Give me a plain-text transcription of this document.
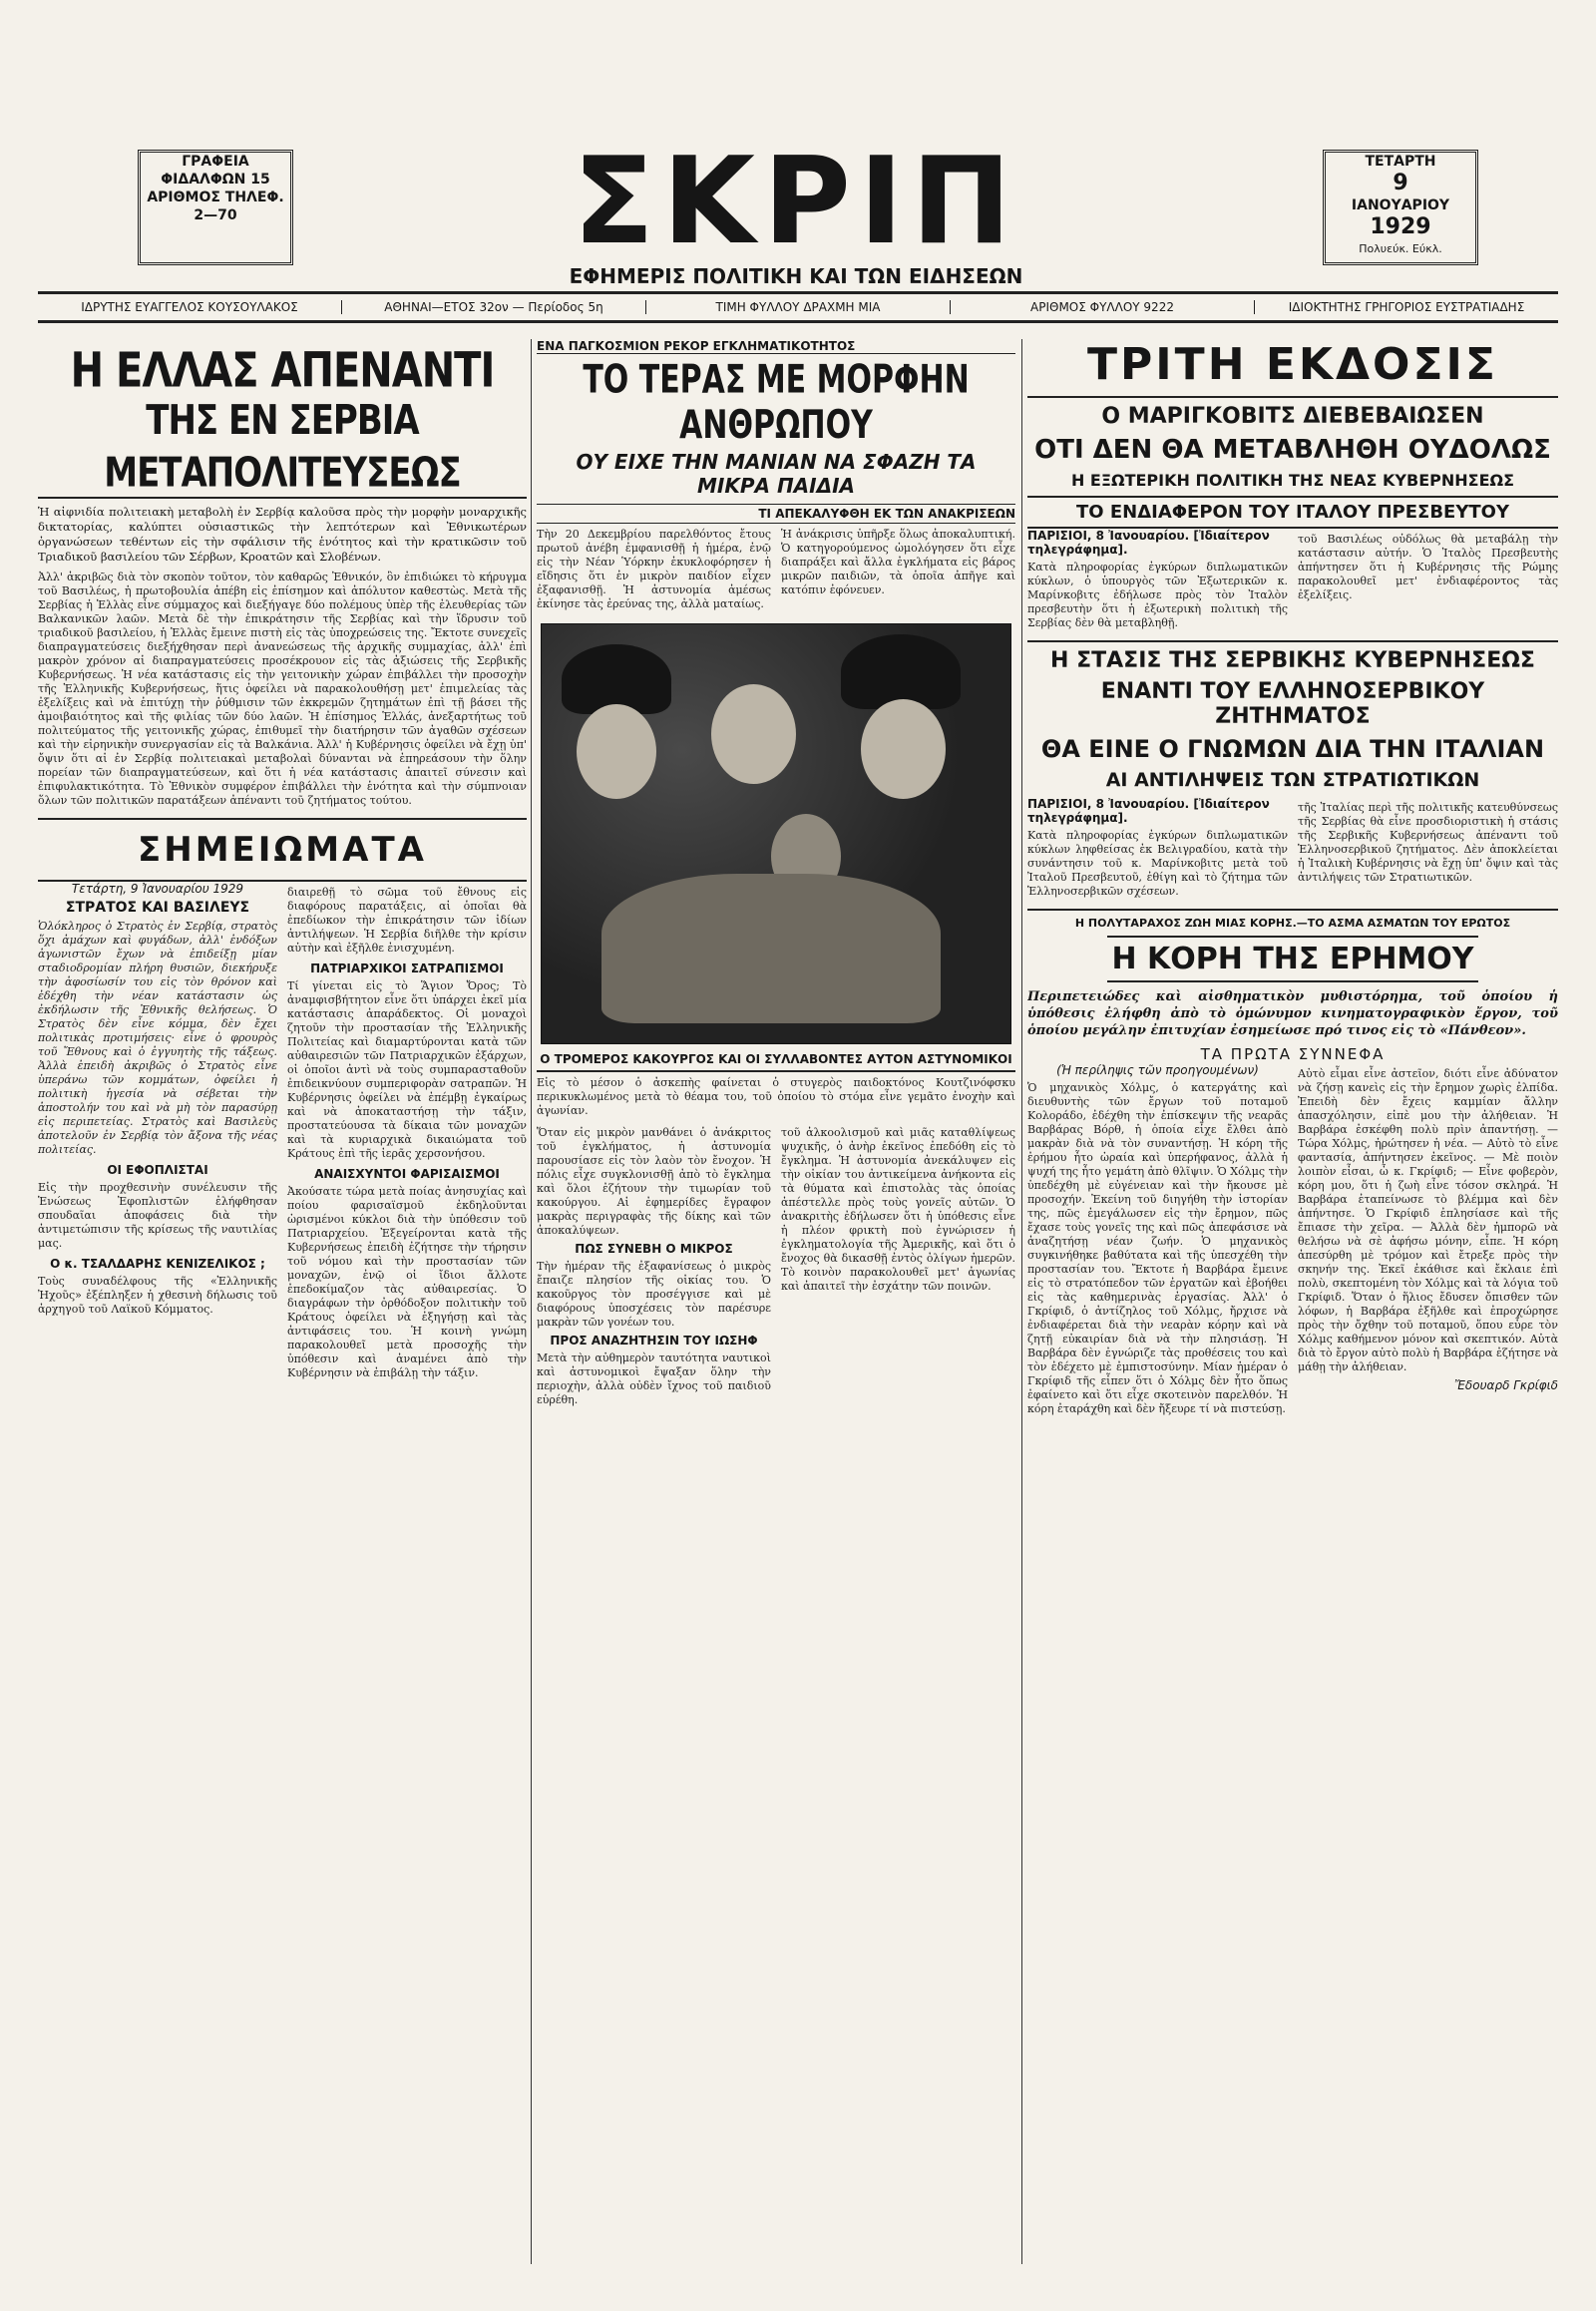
ΓΡΑΦΕΙΑ
ΦΙΔΑΛΦΩΝ 15
ΑΡΙΘΜΟΣ ΤΗΛΕΦ.
2—70	ΣΚΡΙΠ
ΕΦΗΜΕΡΙΣ ΠΟΛΙΤΙΚΗ ΚΑΙ ΤΩΝ ΕΙΔΗΣΕΩΝ
ΤΕΤΑΡΤΗ
9
ΙΑΝΟΥΑΡΙΟΥ
1929
Πολυεύκ. Εύκλ.
ΙΔΡΥΤΗΣ ΕΥΑΓΓΕΛΟΣ ΚΟΥΣΟΥΛΑΚΟΣ	ΑΘΗΝΑΙ—ΕΤΟΣ 32ον — Περίοδος 5η	ΤΙΜΗ ΦΥΛΛΟΥ ΔΡΑΧΜΗ ΜΙΑ	ΑΡΙΘΜΟΣ ΦΥΛΛΟΥ 9222	ΙΔΙΟΚΤΗΤΗΣ ΓΡΗΓΟΡΙΟΣ ΕΥΣΤΡΑΤΙΑΔΗΣ
Η ΕΛΛΑΣ ΑΠΕΝΑΝΤΙ
ΤΗΣ ΕΝ ΣΕΡΒΙΑ ΜΕΤΑΠΟΛΙΤΕΥΣΕΩΣ

Ἡ αἰφνιδία πολιτειακὴ μεταβολὴ ἐν Σερβίᾳ καλοῦσα πρὸς τὴν μορφὴν μοναρχικῆς δικτατορίας, καλύπτει οὐσιαστικῶς τὴν λεπτότερων καὶ Ἐθνικωτέρων ὀργανώσεων τεθέντων εἰς τὴν σφάλισιν τῆς ἑνότητος καὶ τὴν κρατικῶσιν τοῦ Τριαδικοῦ βασιλείου τῶν Σέρβων, Κροατῶν καὶ Σλοβένων.

Ἀλλ' ἀκριβῶς διὰ τὸν σκοπὸν τοῦτον, τὸν καθαρῶς Ἐθνικόν, ὃν ἐπιδιώκει τὸ κήρυγμα τοῦ Βασιλέως, ἡ πρωτοβουλία ἀπέβη εἰς ἐπίσημον καὶ ἀπόλυτον καθεστὼς. Μετὰ τῆς Σερβίας ἡ Ἑλλὰς εἶνε σύμμαχος καὶ διεξήγαγε δύο πολέμους ὑπὲρ τῆς ἐλευθερίας τῶν Βαλκανικῶν λαῶν. Μετὰ δὲ τὴν ἐπικράτησιν τῆς Σερβίας καὶ τὴν ἵδρυσιν τοῦ τριαδικοῦ βασιλείου, ἡ Ἑλλὰς ἔμεινε πιστὴ εἰς τὰς ὑποχρεώσεις της. Ἔκτοτε συνεχεῖς διαπραγματεύσεις διεξήχθησαν περὶ ἀνανεώσεως τῆς ἀρχικῆς συμμαχίας, ἀλλ' ἐπὶ μακρὸν χρόνον αἱ διαπραγματεύσεις προσέκρουον εἰς τὰς ἀξιώσεις τῆς Σερβικῆς Κυβερνήσεως. Ἡ νέα κατάστασις εἰς τὴν γειτονικὴν χώραν ἐπιβάλλει τὴν προσοχὴν τῆς Ἑλληνικῆς Κυβερνήσεως, ἥτις ὀφείλει νὰ παρακολουθήσῃ μετ' ἐπιμελείας τὰς ἐξελίξεις καὶ νὰ ἐπιτύχῃ τὴν ῥύθμισιν τῶν ἐκκρεμῶν ζητημάτων ἐπὶ τῇ βάσει τῆς ἀμοιβαιότητος καὶ τῆς φιλίας τῶν δύο λαῶν. Ἡ ἐπίσημος Ἑλλάς, ἀνεξαρτήτως τοῦ πολιτεύματος τῆς γειτονικῆς χώρας, ἐπιθυμεῖ τὴν διατήρησιν τῶν ἀγαθῶν σχέσεων καὶ τὴν εἰρηνικὴν συνεργασίαν εἰς τὰ Βαλκάνια. Ἀλλ' ἡ Κυβέρνησις ὀφείλει νὰ ἔχῃ ὑπ' ὄψιν ὅτι αἱ ἐν Σερβίᾳ πολιτειακαὶ μεταβολαὶ δύνανται νὰ ἐπηρεάσουν τὴν ὅλην πορείαν τῶν διαπραγματεύσεων, καὶ ὅτι ἡ νέα κατάστασις ἀπαιτεῖ σύνεσιν καὶ ἐπιφυλακτικότητα. Τὸ Ἐθνικὸν συμφέρον ἐπιβάλλει τὴν ἑνότητα καὶ τὴν σύμπνοιαν ὅλων τῶν πολιτικῶν παρατάξεων ἀπέναντι τοῦ ζητήματος τούτου.

ΣΗΜΕΙΩΜΑΤΑ
Τετάρτη, 9 Ἰανουαρίου 1929
ΣΤΡΑΤΟΣ ΚΑΙ ΒΑΣΙΛΕΥΣ

Ὁλόκληρος ὁ Στρατὸς ἐν Σερβίᾳ, στρατὸς ὅχι ἀμάχων καὶ φυγάδων, ἀλλ' ἐνδόξων ἀγωνιστῶν ἔχων νὰ ἐπιδείξῃ μίαν σταδιοδρομίαν πλήρη θυσιῶν, διεκήρυξε τὴν ἀφοσίωσίν του εἰς τὸν θρόνον καὶ ἐδέχθη τὴν νέαν κατάστασιν ὡς ἐκδήλωσιν τῆς Ἐθνικῆς θελήσεως. Ὁ Στρατὸς δὲν εἶνε κόμμα, δὲν ἔχει πολιτικὰς προτιμήσεις· εἶνε ὁ φρουρὸς τοῦ Ἔθνους καὶ ὁ ἐγγυητὴς τῆς τάξεως. Ἀλλὰ ἐπειδὴ ἀκριβῶς ὁ Στρατὸς εἶνε ὑπεράνω τῶν κομμάτων, ὀφείλει ἡ πολιτικὴ ἡγεσία νὰ σέβεται τὴν ἀποστολήν του καὶ νὰ μὴ τὸν παρασύρῃ εἰς περιπετείας. Στρατὸς καὶ Βασιλεὺς ἀποτελοῦν ἐν Σερβίᾳ τὸν ἄξονα τῆς νέας πολιτείας.

ΟΙ ΕΦΟΠΛΙΣΤΑΙ

Εἰς τὴν προχθεσινὴν συνέλευσιν τῆς Ἑνώσεως Ἐφοπλιστῶν ἐλήφθησαν σπουδαῖαι ἀποφάσεις διὰ τὴν ἀντιμετώπισιν τῆς κρίσεως τῆς ναυτιλίας μας.

Ο κ. ΤΣΑΛΔΑΡΗΣ ΚΕΝΙΖΕΛΙΚΟΣ ;

Τοὺς συναδέλφους τῆς «Ἑλληνικῆς Ἠχοῦς» ἐξέπληξεν ἡ χθεσινὴ δήλωσις τοῦ ἀρχηγοῦ τοῦ Λαϊκοῦ Κόμματος.

διαιρεθῇ τὸ σῶμα τοῦ ἔθνους εἰς διαφόρους παρατάξεις, αἱ ὁποῖαι θὰ ἐπεδίωκον τὴν ἐπικράτησιν τῶν ἰδίων ἀντιλήψεων. Ἡ Σερβία διῆλθε τὴν κρίσιν αὐτὴν καὶ ἐξῆλθε ἐνισχυμένη.

ΠΑΤΡΙΑΡΧΙΚΟΙ ΣΑΤΡΑΠΙΣΜΟΙ

Τί γίνεται εἰς τὸ Ἅγιον Ὄρος; Τὸ ἀναμφισβήτητον εἶνε ὅτι ὑπάρχει ἐκεῖ μία κατάστασις ἀπαράδεκτος. Οἱ μοναχοὶ ζητοῦν τὴν προστασίαν τῆς Ἑλληνικῆς Πολιτείας καὶ διαμαρτύρονται κατὰ τῶν αὐθαιρεσιῶν τῶν Πατριαρχικῶν ἐξάρχων, οἱ ὁποῖοι ἀντὶ νὰ τοὺς συμπαρασταθοῦν ἐπιδεικνύουν συμπεριφορὰν σατραπῶν. Ἡ Κυβέρνησις ὀφείλει νὰ ἐπέμβῃ ἐγκαίρως καὶ νὰ ἀποκαταστήσῃ τὴν τάξιν, προστατεύουσα τὰ δίκαια τῶν μοναχῶν καὶ τὰ κυριαρχικὰ δικαιώματα τοῦ Κράτους ἐπὶ τῆς ἱερᾶς χερσονήσου.

ΑΝΑΙΣΧΥΝΤΟΙ ΦΑΡΙΣΑΙΣΜΟΙ

Ἀκούσατε τώρα μετὰ ποίας ἀνησυχίας καὶ ποίου φαρισαϊσμοῦ ἐκδηλοῦνται ὡρισμένοι κύκλοι διὰ τὴν ὑπόθεσιν τοῦ Πατριαρχείου. Ἐξεγείρονται κατὰ τῆς Κυβερνήσεως ἐπειδὴ ἐζήτησε τὴν τήρησιν τοῦ νόμου καὶ τὴν προστασίαν τῶν μοναχῶν, ἐνῷ οἱ ἴδιοι ἄλλοτε ἐπεδοκίμαζον τὰς αὐθαιρεσίας. Ὁ διαγράφων τὴν ὀρθόδοξον πολιτικὴν τοῦ Κράτους ὀφείλει νὰ ἐξηγήσῃ καὶ τὰς ἀντιφάσεις του. Ἡ κοινὴ γνώμη παρακολουθεῖ μετὰ προσοχῆς τὴν ὑπόθεσιν καὶ ἀναμένει ἀπὸ τὴν Κυβέρνησιν νὰ ἐπιβάλῃ τὴν τάξιν.

ΕΝΑ ΠΑΓΚΟΣΜΙΟΝ ΡΕΚΟΡ ΕΓΚΛΗΜΑΤΙΚΟΤΗΤΟΣ
ΤΟ ΤΕΡΑΣ ΜΕ ΜΟΡΦΗΝ ΑΝΘΡΩΠΟΥ
ΟΥ ΕΙΧΕ ΤΗΝ ΜΑΝΙΑΝ ΝΑ ΣΦΑΖΗ ΤΑ ΜΙΚΡΑ ΠΑΙΔΙΑ
ΤΙ ΑΠΕΚΑΛΥΦΘΗ ΕΚ ΤΩΝ ΑΝΑΚΡΙΣΕΩΝ

Τὴν 20 Δεκεμβρίου παρελθόντος ἔτους πρωτοῦ ἀνέβη ἐμφανισθῇ ἡ ἡμέρα, ἐνῷ εἰς τὴν Νέαν Ὑόρκην ἐκυκλοφόρησεν ἡ εἴδησις ὅτι ἐν μικρὸν παιδίον εἶχεν ἐξαφανισθῇ. Ἡ ἀστυνομία ἀμέσως ἐκίνησε τὰς ἐρεύνας της, ἀλλὰ ματαίως.

Ἡ ἀνάκρισις ὑπῆρξε ὅλως ἀποκαλυπτική. Ὁ κατηγορούμενος ὡμολόγησεν ὅτι εἶχε διαπράξει καὶ ἄλλα ἐγκλήματα εἰς βάρος μικρῶν παιδιῶν, τὰ ὁποῖα ἀπῆγε καὶ κατόπιν ἐφόνευεν.

Ο ΤΡΟΜΕΡΟΣ ΚΑΚΟΥΡΓΟΣ ΚΑΙ ΟΙ ΣΥΛΛΑΒΟΝΤΕΣ ΑΥΤΟΝ ΑΣΤΥΝΟΜΙΚΟΙ

Εἰς τὸ μέσον ὁ ἀσκεπὴς φαίνεται ὁ στυγερὸς παιδοκτόνος Κουτζινόφσκυ περικυκλωμένος μετὰ τὸ θέαμα του, τοῦ ὁποίου τὸ στόμα εἶνε γεμᾶτο ἐνοχὴν καὶ ἀγωνίαν.

Ὅταν εἰς μικρὸν μανθάνει ὁ ἀνάκριτος τοῦ ἐγκλήματος, ἡ ἀστυνομία παρουσίασε εἰς τὸν λαὸν τὸν ἔνοχον. Ἡ πόλις εἶχε συγκλονισθῇ ἀπὸ τὸ ἔγκλημα καὶ ὅλοι ἐζήτουν τὴν τιμωρίαν τοῦ κακούργου. Αἱ ἐφημερίδες ἔγραφον μακρὰς περιγραφὰς τῆς δίκης καὶ τῶν ἀποκαλύψεων.

ΠΩΣ ΣΥΝΕΒΗ Ο ΜΙΚΡΟΣ

Τὴν ἡμέραν τῆς ἐξαφανίσεως ὁ μικρὸς ἔπαιζε πλησίον τῆς οἰκίας του. Ὁ κακοῦργος τὸν προσέγγισε καὶ μὲ διαφόρους ὑποσχέσεις τὸν παρέσυρε μακρὰν τῶν γονέων του.

ΠΡΟΣ ΑΝΑΖΗΤΗΣΙΝ ΤΟΥ ΙΩΣΗΦ

Μετὰ τὴν αὐθημερὸν ταυτότητα ναυτικοὶ καὶ ἀστυνομικοὶ ἔψαξαν ὅλην τὴν περιοχὴν, ἀλλὰ οὐδὲν ἴχνος τοῦ παιδιοῦ εὑρέθη.

τοῦ ἀλκοολισμοῦ καὶ μιᾶς καταθλίψεως ψυχικῆς, ὁ ἀνὴρ ἐκεῖνος ἐπεδόθη εἰς τὸ ἔγκλημα. Ἡ ἀστυνομία ἀνεκάλυψεν εἰς τὴν οἰκίαν του ἀντικείμενα ἀνήκοντα εἰς τὰ θύματα καὶ ἐπιστολὰς τὰς ὁποίας ἀπέστελλε πρὸς τοὺς γονεῖς αὐτῶν. Ὁ ἀνακριτὴς ἐδήλωσεν ὅτι ἡ ὑπόθεσις εἶνε ἡ πλέον φρικτὴ ποὺ ἐγνώρισεν ἡ ἐγκληματολογία τῆς Ἀμερικῆς, καὶ ὅτι ὁ ἔνοχος θὰ δικασθῇ ἐντὸς ὀλίγων ἡμερῶν. Τὸ κοινὸν παρακολουθεῖ μετ' ἀγωνίας καὶ ἀπαιτεῖ τὴν ἐσχάτην τῶν ποινῶν.

ΤΡΙΤΗ ΕΚΔΟΣΙΣ
Ο ΜΑΡΙΓΚΟΒΙΤΣ ΔΙΕΒΕΒΑΙΩΣΕΝ
ΟΤΙ ΔΕΝ ΘΑ ΜΕΤΑΒΛΗΘΗ ΟΥΔΟΛΩΣ
Η ΕΞΩΤΕΡΙΚΗ ΠΟΛΙΤΙΚΗ ΤΗΣ ΝΕΑΣ ΚΥΒΕΡΝΗΣΕΩΣ
ΤΟ ΕΝΔΙΑΦΕΡΟΝ ΤΟΥ ΙΤΑΛΟΥ ΠΡΕΣΒΕΥΤΟΥ
ΠΑΡΙΣΙΟΙ, 8 Ἰανουαρίου. [Ἰδιαίτερον τηλεγράφημα].

Κατὰ πληροφορίας ἐγκύρων διπλωματικῶν κύκλων, ὁ ὑπουργὸς τῶν Ἐξωτερικῶν κ. Μαρίνκοβιτς ἐδήλωσε πρὸς τὸν Ἰταλὸν πρεσβευτὴν ὅτι ἡ ἐξωτερικὴ πολιτικὴ τῆς Σερβίας δὲν θὰ μεταβληθῇ.

τοῦ Βασιλέως οὐδόλως θὰ μεταβάλῃ τὴν κατάστασιν αὐτήν. Ὁ Ἰταλὸς Πρεσβευτὴς ἀπήντησεν ὅτι ἡ Κυβέρνησις τῆς Ρώμης παρακολουθεῖ μετ' ἐνδιαφέροντος τὰς ἐξελίξεις.

Η ΣΤΑΣΙΣ ΤΗΣ ΣΕΡΒΙΚΗΣ ΚΥΒΕΡΝΗΣΕΩΣ
ΕΝΑΝΤΙ ΤΟΥ ΕΛΛΗΝΟΣΕΡΒΙΚΟΥ ΖΗΤΗΜΑΤΟΣ
ΘΑ ΕΙΝΕ Ο ΓΝΩΜΩΝ ΔΙΑ ΤΗΝ ΙΤΑΛΙΑΝ
ΑΙ ΑΝΤΙΛΗΨΕΙΣ ΤΩΝ ΣΤΡΑΤΙΩΤΙΚΩΝ
ΠΑΡΙΣΙΟΙ, 8 Ἰανουαρίου. [Ἰδιαίτερον τηλεγράφημα].

Κατὰ πληροφορίας ἐγκύρων διπλωματικῶν κύκλων ληφθείσας ἐκ Βελιγραδίου, κατὰ τὴν συνάντησιν τοῦ κ. Μαρίνκοβιτς μετὰ τοῦ Ἰταλοῦ Πρεσβευτοῦ, ἐθίγη καὶ τὸ ζήτημα τῶν Ἑλληνοσερβικῶν σχέσεων.

τῆς Ἰταλίας περὶ τῆς πολιτικῆς κατευθύνσεως τῆς Σερβίας θὰ εἶνε προσδιοριστικὴ ἡ στάσις τῆς Σερβικῆς Κυβερνήσεως ἀπέναντι τοῦ Ἑλληνοσερβικοῦ ζητήματος. Δὲν ἀποκλείεται ἡ Ἰταλικὴ Κυβέρνησις νὰ ἔχῃ ὑπ' ὄψιν καὶ τὰς ἀντιλήψεις τῶν Στρατιωτικῶν.

Η ΠΟΛΥΤΑΡΑΧΟΣ ΖΩΗ ΜΙΑΣ ΚΟΡΗΣ.—ΤΟ ΑΣΜΑ ΑΣΜΑΤΩΝ ΤΟΥ ΕΡΩΤΟΣ
Η ΚΟΡΗ ΤΗΣ ΕΡΗΜΟΥ

Περιπετειώδες καὶ αἰσθηματικὸν μυθιστόρημα, τοῦ ὁποίου ἡ ὑπόθεσις ἐλήφθη ἀπὸ τὸ ὁμώνυμον κινηματογραφικὸν ἔργον, τοῦ ὁποίου μεγάλην ἐπιτυχίαν ἐσημείωσε πρό τινος εἰς τὸ «Πάνθεον».

ΤΑ ΠΡΩΤΑ ΣΥΝΝΕΦΑ
(Ἡ περίληψις τῶν προηγουμένων)

Ὁ μηχανικὸς Χόλμς, ὁ κατεργάτης καὶ διευθυντὴς τῶν ἔργων τοῦ ποταμοῦ Κολοράδο, ἐδέχθη τὴν ἐπίσκεψιν τῆς νεαρᾶς Βαρβάρας Βόρθ, ἡ ὁποία εἶχε ἔλθει ἀπὸ μακρὰν διὰ νὰ τὸν συναντήσῃ. Ἡ κόρη τῆς ἐρήμου ἦτο ὡραία καὶ ὑπερήφανος, ἀλλὰ ἡ ψυχή της ἦτο γεμάτη ἀπὸ θλῖψιν. Ὁ Χόλμς τὴν ὑπεδέχθη μὲ εὐγένειαν καὶ τὴν ἤκουσε μὲ προσοχήν. Ἐκείνη τοῦ διηγήθη τὴν ἱστορίαν της, πῶς ἐμεγάλωσεν εἰς τὴν ἔρημον, πῶς ἔχασε τοὺς γονεῖς της καὶ πῶς ἀπεφάσισε νὰ ἀναζητήσῃ νέαν ζωήν. Ὁ μηχανικὸς συγκινήθηκε βαθύτατα καὶ τῆς ὑπεσχέθη τὴν προστασίαν του. Ἔκτοτε ἡ Βαρβάρα ἔμεινε εἰς τὸ στρατόπεδον τῶν ἐργατῶν καὶ ἐβοήθει εἰς τὰς καθημερινὰς ἐργασίας. Ἀλλ' ὁ Γκρίφιδ, ὁ ἀντίζηλος τοῦ Χόλμς, ἤρχισε νὰ ἐνδιαφέρεται διὰ τὴν νεαρὰν κόρην καὶ νὰ ζητῇ εὐκαιρίαν διὰ νὰ τὴν πλησιάσῃ. Ἡ Βαρβάρα δὲν ἐγνώριζε τὰς προθέσεις του καὶ τὸν ἐδέχετο μὲ ἐμπιστοσύνην. Μίαν ἡμέραν ὁ Γκρίφιδ τῆς εἶπεν ὅτι ὁ Χόλμς δὲν ἦτο ὅπως ἐφαίνετο καὶ ὅτι εἶχε σκοτεινὸν παρελθόν. Ἡ κόρη ἐταράχθη καὶ δὲν ἤξευρε τί νὰ πιστεύσῃ.

Αὐτὸ εἶμαι εἶνε ἀστεῖον, διότι εἶνε ἀδύνατον νὰ ζήσῃ κανεὶς εἰς τὴν ἔρημον χωρὶς ἐλπίδα. Ἐπειδὴ δὲν ἔχεις καμμίαν ἄλλην ἀπασχόλησιν, εἰπὲ μου τὴν ἀλήθειαν. Ἡ Βαρβάρα ἐσκέφθη πολὺ πρὶν ἀπαντήσῃ. — Τώρα Χόλμς, ἠρώτησεν ἡ νέα. — Αὐτὸ τὸ εἶνε φαντασία, ἀπήντησεν ἐκεῖνος. — Μὲ ποιὸν λοιπὸν εἶσαι, ὦ κ. Γκρίφιδ; — Εἶνε φοβερὸν, κόρη μου, ὅτι ἡ ζωὴ εἶνε τόσον σκληρά. Ἡ Βαρβάρα ἐταπείνωσε τὸ βλέμμα καὶ δὲν ἀπήντησε. Ὁ Γκρίφιδ ἐπλησίασε καὶ τῆς ἔπιασε τὴν χεῖρα. — Ἀλλὰ δὲν ἠμπορῶ νὰ θελήσω νὰ σὲ ἀφήσω μόνην, εἶπε. Ἡ κόρη ἀπεσύρθη μὲ τρόμον καὶ ἔτρεξε πρὸς τὴν σκηνήν της. Ἐκεῖ ἐκάθισε καὶ ἔκλαιε ἐπὶ πολὺ, σκεπτομένη τὸν Χόλμς καὶ τὰ λόγια τοῦ Γκρίφιδ. Ὅταν ὁ ἥλιος ἔδυσεν ὄπισθεν τῶν λόφων, ἡ Βαρβάρα ἐξῆλθε καὶ ἐπροχώρησε πρὸς τὴν ὄχθην τοῦ ποταμοῦ, ὅπου εὗρε τὸν Χόλμς καθήμενον μόνον καὶ σκεπτικόν. Αὐτὰ διὰ τὸ ἔργον αὐτὸ πολὺ ἡ Βαρβάρα ἐζήτησε νὰ μάθῃ τὴν ἀλήθειαν.

Ἔδουαρδ Γκρίφιδ
